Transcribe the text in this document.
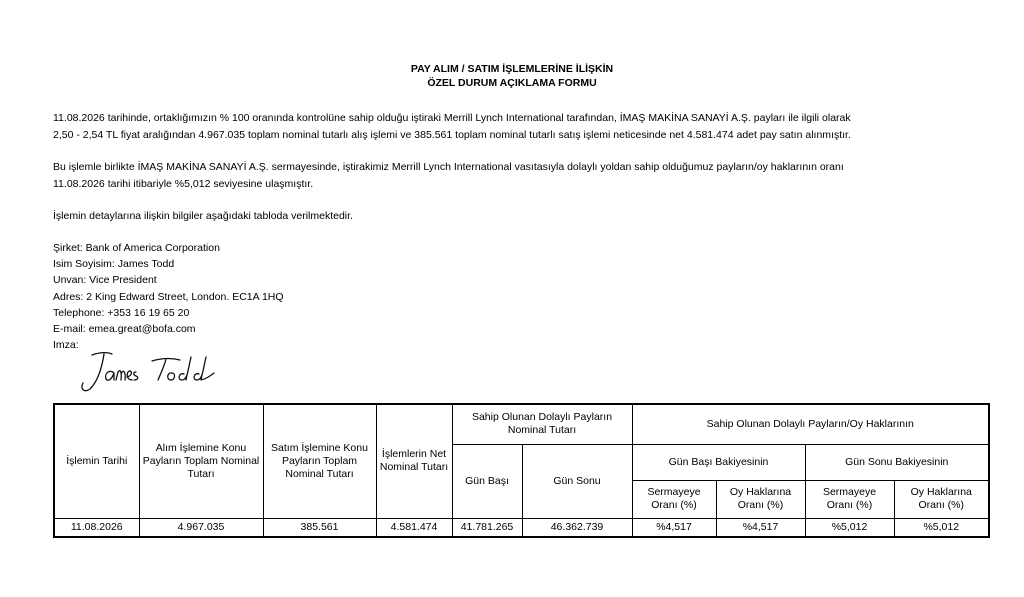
PAY ALIM / SATIM İŞLEMLERİNE İLİŞKİN
ÖZEL DURUM AÇIKLAMA FORMU
11.08.2026 tarihinde, ortaklığımızın % 100 oranında kontrolüne sahip olduğu iştiraki Merrill Lynch International tarafından, İMAŞ MAKİNA SANAYİ A.Ş. payları ile ilgili olarak
2,50 - 2,54 TL fiyat aralığından 4.967.035 toplam nominal tutarlı alış işlemi ve 385.561 toplam nominal tutarlı satış işlemi neticesinde net 4.581.474 adet pay satın alınmıştır.
Bu işlemle birlikte İMAŞ MAKİNA SANAYİ A.Ş. sermayesinde, iştirakimiz Merrill Lynch International vasıtasıyla dolaylı yoldan sahip olduğumuz payların/oy haklarının oranı
11.08.2026 tarihi itibariyle %5,012 seviyesine ulaşmıştır.
İşlemin detaylarına ilişkin bilgiler aşağıdaki tabloda verilmektedir.
Şirket: Bank of America Corporation
Isim Soyisim: James Todd
Unvan: Vice President
Adres: 2 King Edward Street, London. EC1A 1HQ
Telephone: +353 16 19 65 20
E-mail: emea.great@bofa.com
Imza:
İşlemin Tarihi	Alım İşlemine Konu Payların Toplam Nominal Tutarı	Satım İşlemine Konu Payların Toplam Nominal Tutarı	İşlemlerin Net Nominal Tutarı	Sahip Olunan Dolaylı Payların Nominal Tutarı		Sahip Olunan Dolaylı Payların/Oy Haklarının			
				Gün Başı	Gün Sonu	Gün Başı Bakiyesinin		Gün Sonu Bakiyesinin	
						Sermayeye Oranı (%)	Oy Haklarına Oranı (%)	Sermayeye Oranı (%)	Oy Haklarına Oranı (%)
11.08.2026	4.967.035	385.561	4.581.474	41.781.265	46.362.739	%4,517	%4,517	%5,012	%5,012
